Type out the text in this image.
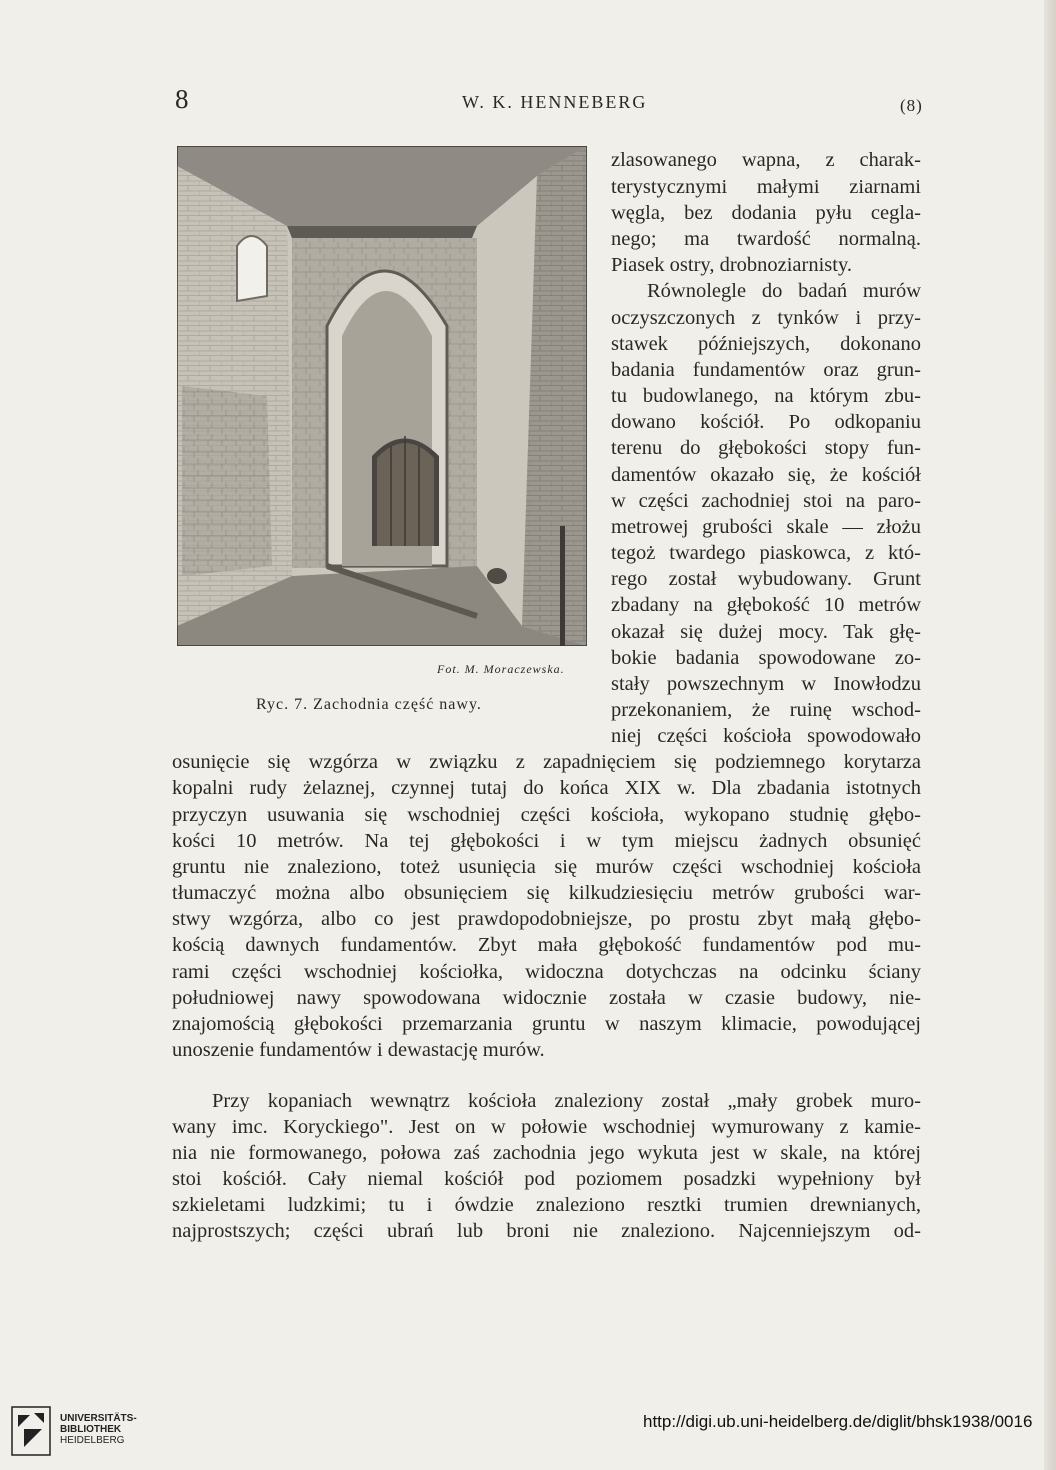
8	W. K. HENNEBERG	(8)
Fot. M. Moraczewska.
Ryc. 7. Zachodnia część nawy.
zlasowanego wapna, z charak-
terystycznymi małymi ziarnami
węgla, bez dodania pyłu cegla-
nego; ma twardość normalną.
Piasek ostry, drobnoziarnisty.
Równolegle do badań murów
oczyszczonych z tynków i przy-
stawek późniejszych, dokonano
badania fundamentów oraz grun-
tu budowlanego, na którym zbu-
dowano kościół. Po odkopaniu
terenu do głębokości stopy fun-
damentów okazało się, że kościół
w części zachodniej stoi na paro-
metrowej grubości skale — złożu
tegoż twardego piaskowca, z któ-
rego został wybudowany. Grunt
zbadany na głębokość 10 metrów
okazał się dużej mocy. Tak głę-
bokie badania spowodowane zo-
stały powszechnym w Inowłodzu
przekonaniem, że ruinę wschod-
niej części kościoła spowodowało
osunięcie się wzgórza w związku z zapadnięciem się podziemnego korytarza
kopalni rudy żelaznej, czynnej tutaj do końca XIX w. Dla zbadania istotnych
przyczyn usuwania się wschodniej części kościoła, wykopano studnię głębo-
kości 10 metrów. Na tej głębokości i w tym miejscu żadnych obsunięć
gruntu nie znaleziono, toteż usunięcia się murów części wschodniej kościoła
tłumaczyć można albo obsunięciem się kilkudziesięciu metrów grubości war-
stwy wzgórza, albo co jest prawdopodobniejsze, po prostu zbyt małą głębo-
kością dawnych fundamentów. Zbyt mała głębokość fundamentów pod mu-
rami części wschodniej kościołka, widoczna dotychczas na odcinku ściany
południowej nawy spowodowana widocznie została w czasie budowy, nie-
znajomością głębokości przemarzania gruntu w naszym klimacie, powodującej
unoszenie fundamentów i dewastację murów.
Przy kopaniach wewnątrz kościoła znaleziony został „mały grobek muro-
wany imc. Koryckiego". Jest on w połowie wschodniej wymurowany z kamie-
nia nie formowanego, połowa zaś zachodnia jego wykuta jest w skale, na której
stoi kościół. Cały niemal kościół pod poziomem posadzki wypełniony był
szkieletami ludzkimi; tu i ówdzie znaleziono resztki trumien drewnianych,
najprostszych; części ubrań lub broni nie znaleziono. Najcenniejszym od-
UNIVERSITÄTS-
BIBLIOTHEK
HEIDELBERG
http://digi.ub.uni-heidelberg.de/diglit/bhsk1938/0016
